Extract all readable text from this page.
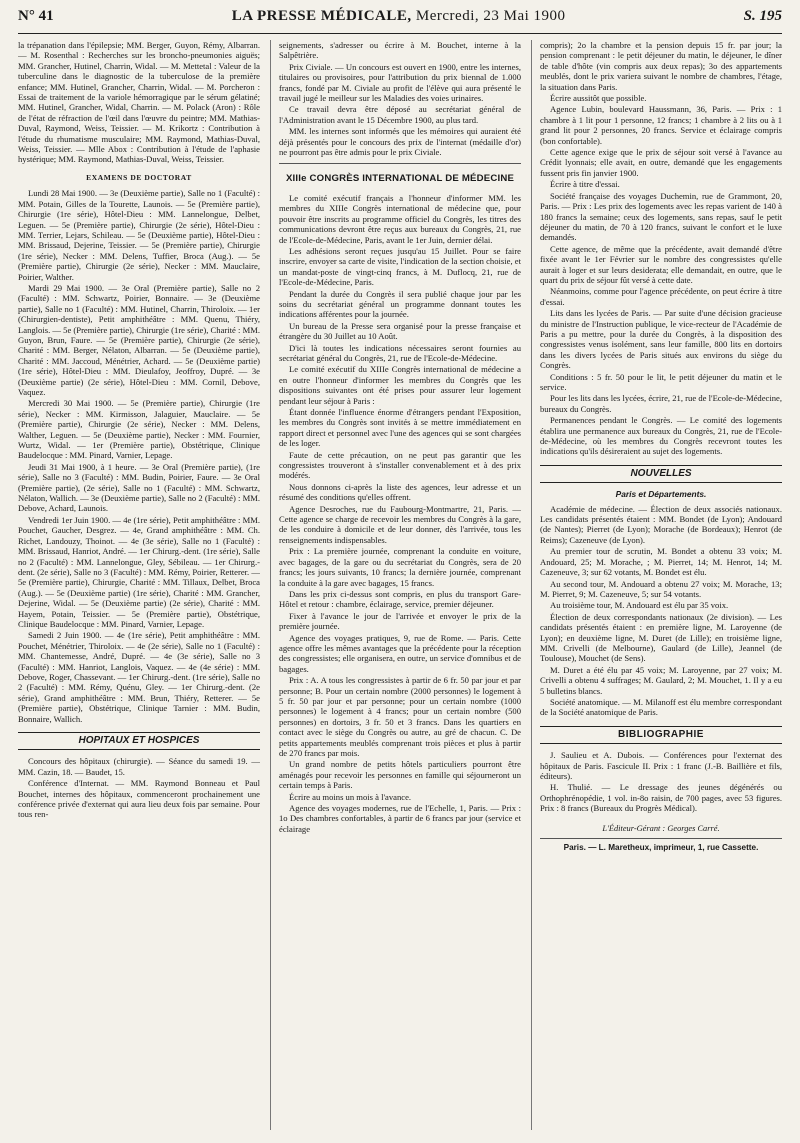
N° 41	LA PRESSE MÉDICALE, Mercredi, 23 Mai 1900	S. 195

la trépanation dans l'épilepsie; MM. Berger, Guyon, Rémy, Albarran. — M. Rosenthal : Recherches sur les broncho-pneumonies aiguës; MM. Grancher, Hutinel, Charrin, Widal. — M. Mettetal : Valeur de la tuberculine dans le diagnostic de la tuberculose de la première enfance; MM. Hutinel, Grancher, Charrin, Widal. — M. Porcheron : Essai de traitement de la variole hémorragique par le sérum gélatiné; MM. Hutinel, Grancher, Widal, Charrin. — M. Polack (Aron) : Rôle de l'état de réfraction de l'œil dans l'œuvre du peintre; MM. Mathias-Duval, Raymond, Weiss, Teissier. — M. Krikortz : Contribution à l'étude du rhumatisme musculaire; MM. Raymond, Mathias-Duval, Weiss, Teissier. — Mlle Abox : Contribution à l'étude de l'aphasie hystérique; MM. Raymond, Mathias-Duval, Weiss, Teissier.

EXAMENS DE DOCTORAT

Lundi 28 Mai 1900. — 3e (Deuxième partie), Salle no 1 (Faculté) : MM. Potain, Gilles de la Tourette, Launois. — 5e (Première partie), Chirurgie (1re série), Hôtel-Dieu : MM. Lannelongue, Delbet, Leguen. — 5e (Première partie), Chirurgie (2e série), Hôtel-Dieu : MM. Terrier, Lejars, Schileau. — 5e (Deuxième partie), Hôtel-Dieu : MM. Brissaud, Dejerine, Teissier. — 5e (Première partie), Chirurgie (1re série), Necker : MM. Delens, Tuffier, Broca (Aug.). — 5e (Première partie), Chirurgie (2e série), Necker : MM. Mauclaire, Poirier, Walther.

Mardi 29 Mai 1900. — 3e Oral (Première partie), Salle no 2 (Faculté) : MM. Schwartz, Poirier, Bonnaire. — 3e (Deuxième partie), Salle no 1 (Faculté) : MM. Hutinel, Charrin, Thiroloix. — 1er (Chirurgien-dentiste), Petit amphithéâtre : MM. Quenu, Thiéry, Langlois. — 5e (Première partie), Chirurgie (1re série), Charité : MM. Guyon, Brun, Faure. — 5e (Première partie), Chirurgie (2e série), Charité : MM. Berger, Nélaton, Albarran. — 5e (Deuxième partie), Charité : MM. Jaccoud, Ménétrier, Achard. — 5e (Deuxième partie) (1re série), Hôtel-Dieu : MM. Dieulafoy, Jeoffroy, Dupré. — 3e (Deuxième partie) (2e série), Hôtel-Dieu : MM. Cornil, Debove, Vaquez.

Mercredi 30 Mai 1900. — 5e (Première partie), Chirurgie (1re série), Necker : MM. Kirmisson, Jalaguier, Mauclaire. — 5e (Première partie), Chirurgie (2e série), Necker : MM. Delens, Walther, Leguen. — 5e (Deuxième partie), Necker : MM. Fournier, Wurtz, Widal. — 1er (Première partie), Obstétrique, Clinique Baudelocque : MM. Pinard, Varnier, Lepage.

Jeudi 31 Mai 1900, à 1 heure. — 3e Oral (Première partie), (1re série), Salle no 3 (Faculté) : MM. Budin, Poirier, Faure. — 3e Oral (Première partie), (2e série), Salle no 1 (Faculté) : MM. Schwartz, Nélaton, Wallich. — 3e (Deuxième partie), Salle no 2 (Faculté) : MM. Debove, Achard, Launois.

Vendredi 1er Juin 1900. — 4e (1re série), Petit amphithéâtre : MM. Pouchet, Gaucher, Desgrez. — 4e, Grand amphithéâtre : MM. Ch. Richet, Landouzy, Thoinot. — 4e (3e série), Salle no 1 (Faculté) : MM. Brissaud, Hanriot, André. — 1er Chirurg.-dent. (1re série), Salle no 2 (Faculté) : MM. Lannelongue, Gley, Sébileau. — 1er Chirurg.-dent. (2e série), Salle no 3 (Faculté) : MM. Rémy, Poirier, Retterer. — 5e (Première partie), Chirurgie, Charité : MM. Tillaux, Delbet, Broca (Aug.). — 5e (Deuxième partie) (1re série), Charité : MM. Grancher, Dejerine, Widal. — 5e (Deuxième partie) (2e série), Charité : MM. Hayem, Potain, Teissier. — 5e (Première partie), Obstétrique, Clinique Baudelocque : MM. Pinard, Varnier, Lepage.

Samedi 2 Juin 1900. — 4e (1re série), Petit amphithéâtre : MM. Pouchet, Ménétrier, Thiroloix. — 4e (2e série), Salle no 1 (Faculté) : MM. Chantemesse, André, Dupré. — 4e (3e série), Salle no 3 (Faculté) : MM. Hanriot, Langlois, Vaquez. — 4e (4e série) : MM. Debove, Roger, Chassevant. — 1er Chirurg.-dent. (1re série), Salle no 2 (Faculté) : MM. Rémy, Quénu, Gley. — 1er Chirurg.-dent. (2e série), Grand amphithéâtre : MM. Brun, Thiéry, Retterer. — 5e (Première partie), Obstétrique, Clinique Tarnier : MM. Budin, Bonnaire, Wallich.

HOPITAUX ET HOSPICES

Concours des hôpitaux (chirurgie). — Séance du samedi 19. — MM. Cazin, 18. — Baudet, 15.

Conférence d'Internat. — MM. Raymond Bonneau et Paul Bouchet, internes des hôpitaux, commenceront prochainement une conférence privée d'externat qui aura lieu deux fois par semaine. Pour tous ren-

seignements, s'adresser ou écrire à M. Bouchet, interne à la Salpêtrière.

Prix Civiale. — Un concours est ouvert en 1900, entre les internes, titulaires ou provisoires, pour l'attribution du prix biennal de 1.000 francs, fondé par M. Civiale au profit de l'élève qui aura présenté le travail jugé le meilleur sur les Maladies des voies urinaires.

Ce travail devra être déposé au secrétariat général de l'Administration avant le 15 Décembre 1900, au plus tard.

MM. les internes sont informés que les mémoires qui auraient été déjà présentés pour le concours des prix de l'internat (médaille d'or) ne pourront pas être admis pour le prix Civiale.

XIIIe CONGRÈS INTERNATIONAL DE MÉDECINE

Le comité exécutif français a l'honneur d'informer MM. les membres du XIIIe Congrès international de médecine que, pour pouvoir être inscrits au programme officiel du Congrès, les titres des communications devront être reçus aux bureaux du Congrès, 21, rue de l'Ecole-de-Médecine, Paris, avant le 1er Juin, dernier délai.

Les adhésions seront reçues jusqu'au 15 Juillet. Pour se faire inscrire, envoyer sa carte de visite, l'indication de la section choisie, et un mandat-poste de vingt-cinq francs, à M. Duflocq, 21, rue de l'Ecole-de-Médecine, Paris.

Pendant la durée du Congrès il sera publié chaque jour par les soins du secrétariat général un programme donnant toutes les indications afférentes pour la journée.

Un bureau de la Presse sera organisé pour la presse française et étrangère du 30 Juillet au 10 Août.

D'ici là toutes les indications nécessaires seront fournies au secrétariat général du Congrès, 21, rue de l'Ecole-de-Médecine.

Le comité exécutif du XIIIe Congrès international de médecine a en outre l'honneur d'informer les membres du Congrès que les dispositions suivantes ont été prises pour assurer leur logement pendant leur séjour à Paris :

Étant donnée l'influence énorme d'étrangers pendant l'Exposition, les membres du Congrès sont invités à se mettre immédiatement en rapport direct et personnel avec l'une des agences qui se sont chargées de les loger.

Faute de cette précaution, on ne peut pas garantir que les congressistes trouveront à s'installer convenablement et à des prix modérés.

Nous donnons ci-après la liste des agences, leur adresse et un résumé des conditions qu'elles offrent.

Agence Desroches, rue du Faubourg-Montmartre, 21, Paris. — Cette agence se charge de recevoir les membres du Congrès à la gare, de les conduire à domicile et de leur donner, dès l'arrivée, tous les renseignements indispensables.

Prix : La première journée, comprenant la conduite en voiture, avec bagages, de la gare ou du secrétariat du Congrès, sera de 20 francs; les jours suivants, 10 francs; la dernière journée, comprenant la conduite à la gare avec bagages, 15 francs.

Dans les prix ci-dessus sont compris, en plus du transport Gare-Hôtel et retour : chambre, éclairage, service, premier déjeuner.

Fixer à l'avance le jour de l'arrivée et envoyer le prix de la première journée.

Agence des voyages pratiques, 9, rue de Rome. — Paris. Cette agence offre les mêmes avantages que la précédente pour la réception des congressistes; elle organisera, en outre, un service d'omnibus et de bagages.

Prix : A. A tous les congressistes à partir de 6 fr. 50 par jour et par personne; B. Pour un certain nombre (2000 personnes) le logement à 5 fr. 50 par jour et par personne; pour un certain nombre (1000 personnes) le logement à 4 francs; pour un certain nombre (500 personnes) en dortoirs, 3 fr. 50 et 3 francs. Dans les quartiers en contact avec le siège du Congrès ou autre, au gré de chacun. C. De petits appartements meublés comprenant trois pièces et plus à partir de 270 francs par mois.

Un grand nombre de petits hôtels particuliers pourront être aménagés pour recevoir les personnes en famille qui séjourneront un certain temps à Paris.

Écrire au moins un mois à l'avance.

Agence des voyages modernes, rue de l'Echelle, 1, Paris. — Prix : 1o Des chambres confortables, à partir de 6 francs par jour (service et éclairage

compris); 2o la chambre et la pension depuis 15 fr. par jour; la pension comprenant : le petit déjeuner du matin, le déjeuner, le dîner de table d'hôte (vin compris aux deux repas); 3o des appartements meublés, dont le prix variera suivant le nombre de chambres, l'étage, la situation dans Paris.

Écrire aussitôt que possible.

Agence Lubin, boulevard Haussmann, 36, Paris. — Prix : 1 chambre à 1 lit pour 1 personne, 12 francs; 1 chambre à 2 lits ou à 1 grand lit pour 2 personnes, 20 francs. Service et éclairage compris (bon confortable).

Cette agence exige que le prix de séjour soit versé à l'avance au Crédit lyonnais; elle avait, en outre, demandé que les engagements fussent pris fin janvier 1900.

Écrire à titre d'essai.

Société française des voyages Duchemin, rue de Grammont, 20, Paris. — Prix : Les prix des logements avec les repas varient de 140 à 180 francs la semaine; ceux des logements, sans repas, sauf le petit déjeuner du matin, de 70 à 120 francs, suivant le confort et le luxe demandés.

Cette agence, de même que la précédente, avait demandé d'être fixée avant le 1er Février sur le nombre des congressistes qu'elle aurait à loger et sur leurs desiderata; elle demandait, en outre, que le quart du prix de séjour fût versé à cette date.

Néanmoins, comme pour l'agence précédente, on peut écrire à titre d'essai.

Lits dans les lycées de Paris. — Par suite d'une décision gracieuse du ministre de l'Instruction publique, le vice-recteur de l'Académie de Paris a pu mettre, pour la durée du Congrès, à la disposition des congressistes venus isolément, sans leur famille, 800 lits en dortoirs dans les divers lycées de Paris situés aux environs du siège du Congrès.

Conditions : 5 fr. 50 pour le lit, le petit déjeuner du matin et le service.

Pour les lits dans les lycées, écrire, 21, rue de l'Ecole-de-Médecine, bureaux du Congrès.

Permanences pendant le Congrès. — Le comité des logements établira une permanence aux bureaux du Congrès, 21, rue de l'Ecole-de-Médecine, où les membres du Congrès recevront toutes les indications qu'ils désireraient au sujet des logements.

NOUVELLES
Paris et Départements.

Académie de médecine. — Élection de deux associés nationaux. Les candidats présentés étaient : MM. Bondet (de Lyon); Andouard (de Nantes); Pierret (de Lyon); Morache (de Bordeaux); Henrot (de Reims); Cazeneuve (de Lyon).

Au premier tour de scrutin, M. Bondet a obtenu 33 voix; M. Andouard, 25; M. Morache, ; M. Pierret, 14; M. Henrot, 14; M. Cazeneuve, 3; sur 62 votants, M. Bondet est élu.

Au second tour, M. Andouard a obtenu 27 voix; M. Morache, 13; M. Pierret, 9; M. Cazeneuve, 5; sur 54 votants.

Au troisième tour, M. Andouard est élu par 35 voix.

Élection de deux correspondants nationaux (2e division). — Les candidats présentés étaient : en première ligne, M. Laroyenne (de Lyon); en deuxième ligne, M. Duret (de Lille); en troisième ligne, MM. Crivelli (de Melbourne), Gaulard (de Lille), Jeannel (de Toulouse), Mouchet (de Sens).

M. Duret a été élu par 45 voix; M. Laroyenne, par 27 voix; M. Crivelli a obtenu 4 suffrages; M. Gaulard, 2; M. Mouchet, 1. Il y a eu 5 bulletins blancs.

Société anatomique. — M. Milanoff est élu membre correspondant de la Société anatomique de Paris.

BIBLIOGRAPHIE

J. Saulieu et A. Dubois. — Conférences pour l'externat des hôpitaux de Paris. Fascicule II. Prix : 1 franc (J.-B. Baillière et fils, éditeurs).

H. Thulié. — Le dressage des jeunes dégénérés ou Orthophrénopédie, 1 vol. in-8o raisin, de 700 pages, avec 53 figures. Prix : 8 francs (Bureaux du Progrès Médical).

L'Éditeur-Gérant : Georges Carré.
Paris. — L. Maretheux, imprimeur, 1, rue Cassette.
